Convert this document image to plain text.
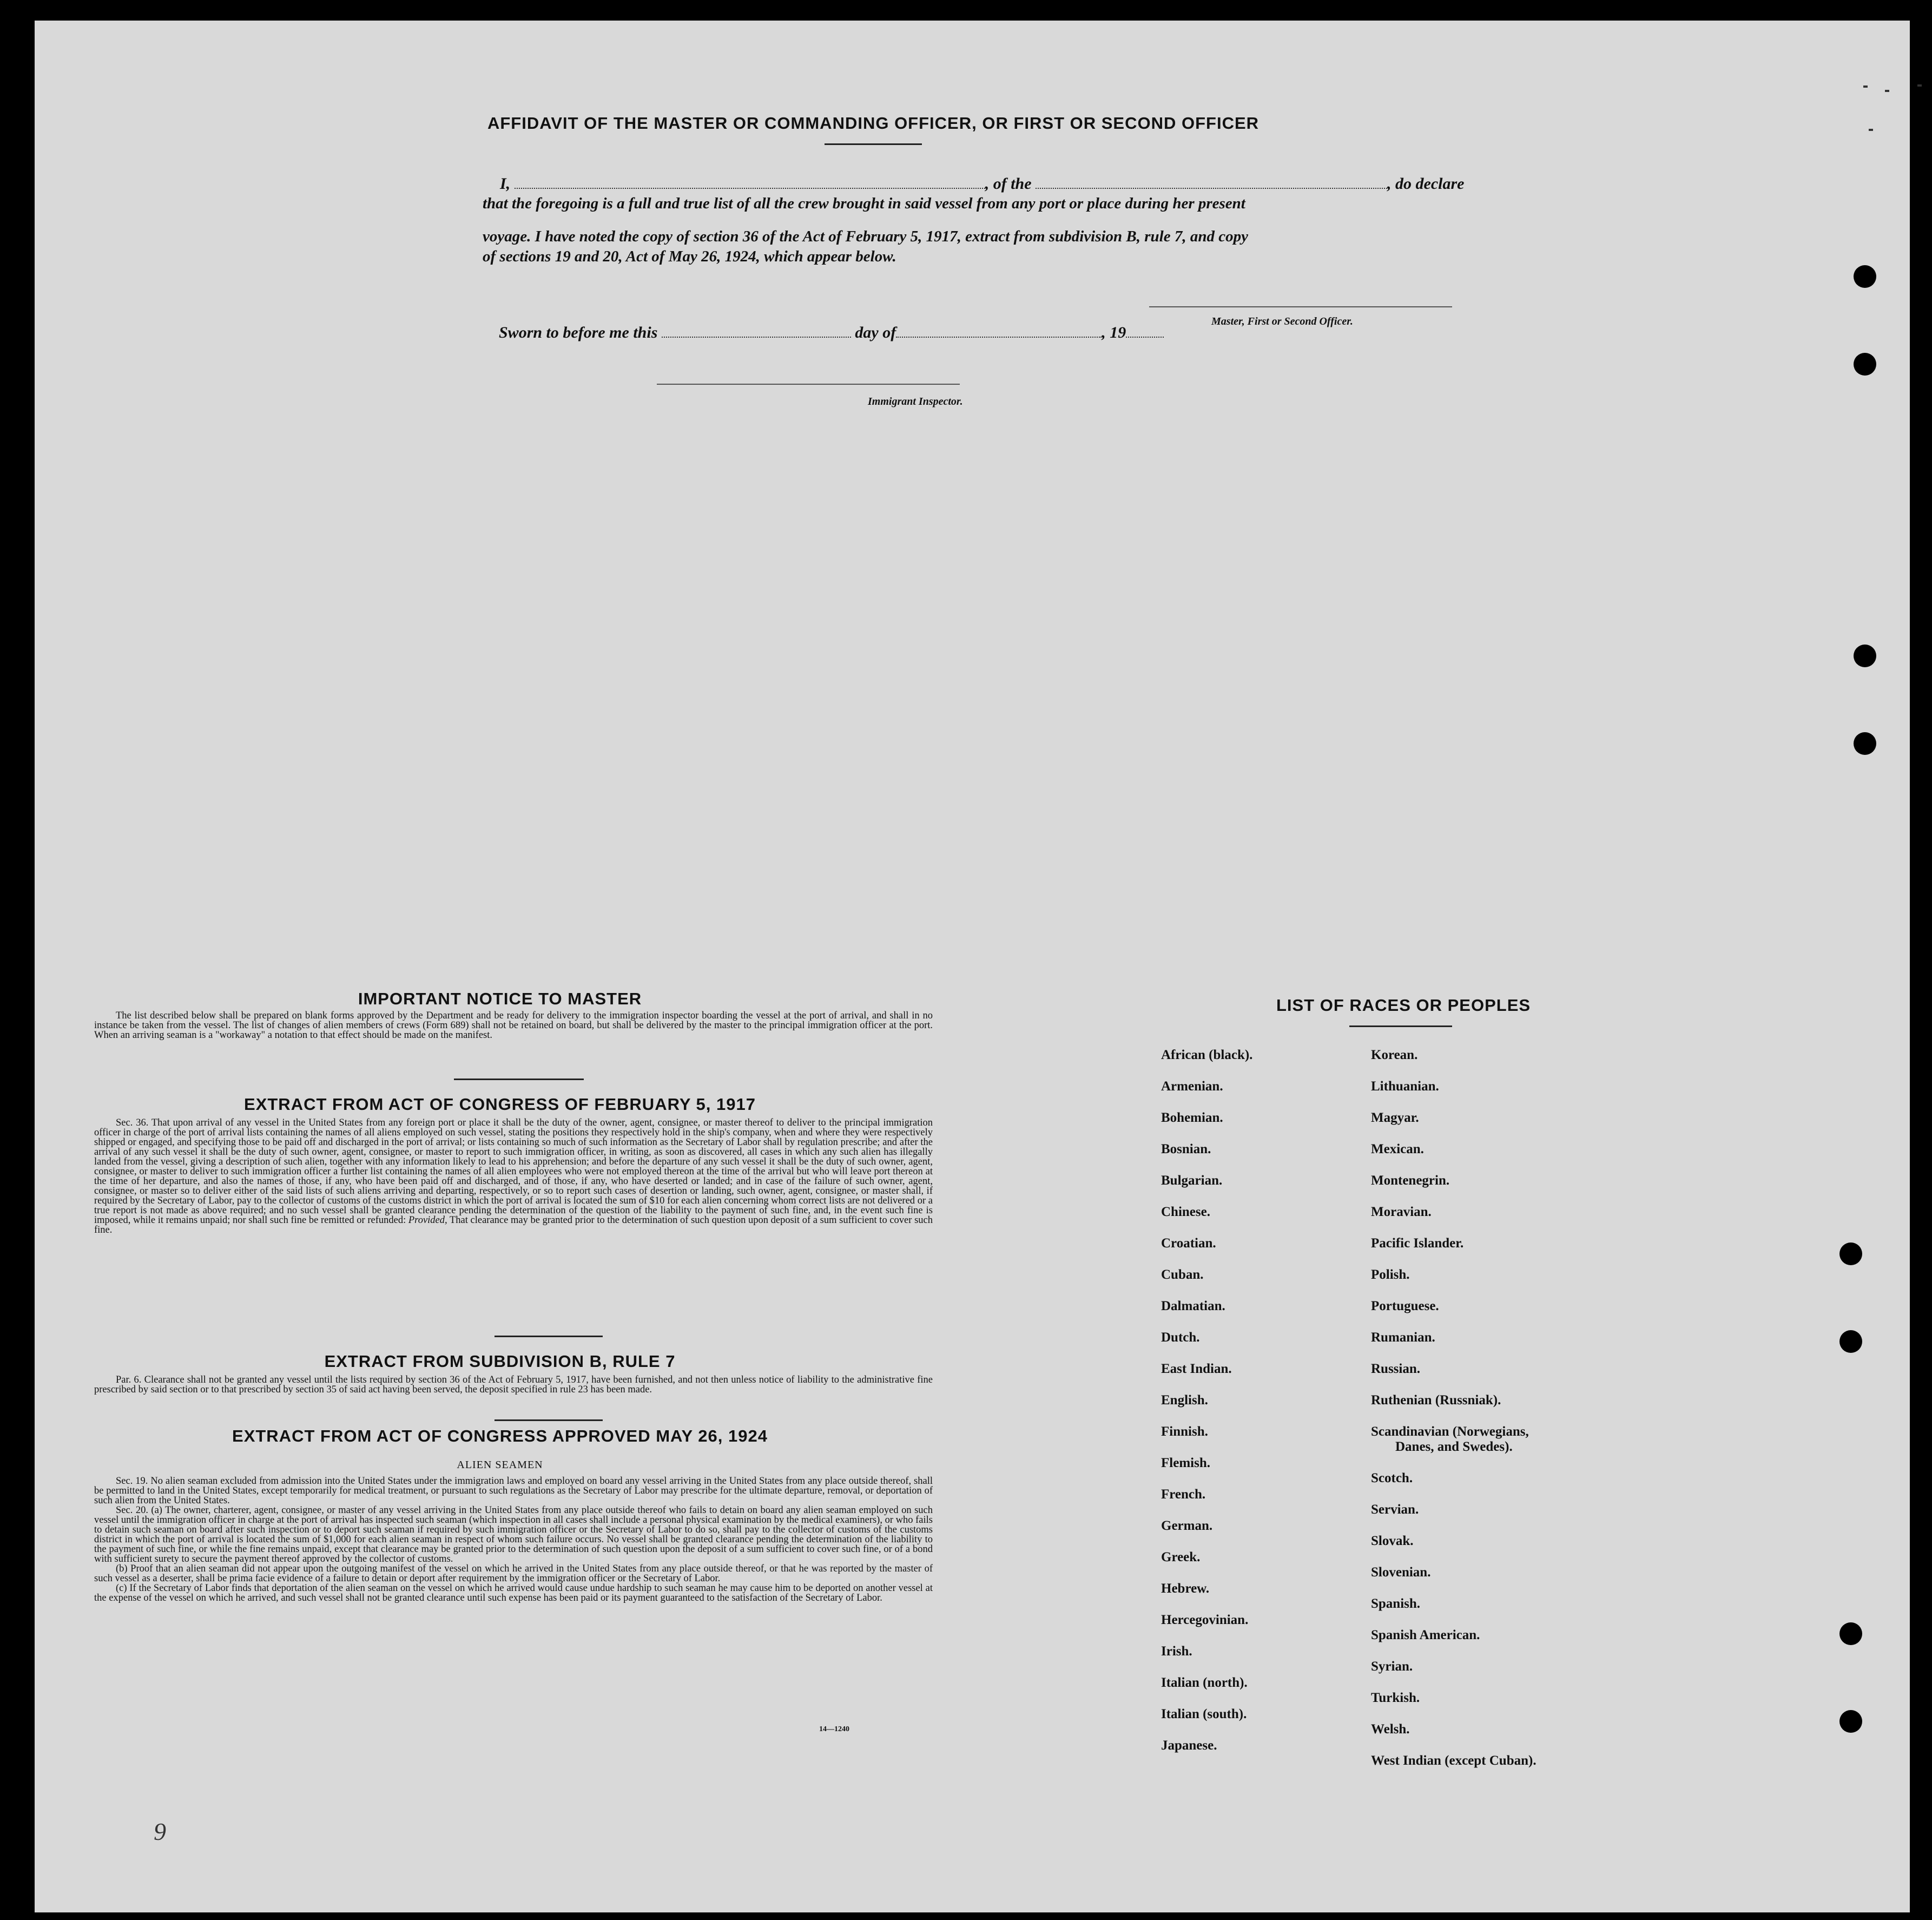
AFFIDAVIT OF THE MASTER OR COMMANDING OFFICER, OR FIRST OR SECOND OFFICER
I,	, of the	, do declare
that the foregoing is a full and true list of all the crew brought in said vessel from any port or place during her present
voyage. I have noted the copy of section 36 of the Act of February 5, 1917, extract from subdivision B, rule 7, and copy
of sections 19 and 20, Act of May 26, 1924, which appear below.
Master, First or Second Officer.
Sworn to before me this	day of	, 19
Immigrant Inspector.
IMPORTANT NOTICE TO MASTER
The list described below shall be prepared on blank forms approved by the Department and be ready for delivery to the immigration inspector boarding the vessel at the port of arrival, and shall in no instance be taken from the vessel. The list of changes of alien members of crews (Form 689) shall not be retained on board, but shall be delivered by the master to the principal immigration officer at the port. When an arriving seaman is a "workaway" a notation to that effect should be made on the manifest.
EXTRACT FROM ACT OF CONGRESS OF FEBRUARY 5, 1917
Sec. 36. That upon arrival of any vessel in the United States from any foreign port or place it shall be the duty of the owner, agent, consignee, or master thereof to deliver to the principal immigration officer in charge of the port of arrival lists containing the names of all aliens employed on such vessel, stating the positions they respectively hold in the ship's company, when and where they were respectively shipped or engaged, and specifying those to be paid off and discharged in the port of arrival; or lists containing so much of such information as the Secretary of Labor shall by regulation prescribe; and after the arrival of any such vessel it shall be the duty of such owner, agent, consignee, or master to report to such immigration officer, in writing, as soon as discovered, all cases in which any such alien has illegally landed from the vessel, giving a description of such alien, together with any information likely to lead to his apprehension; and before the departure of any such vessel it shall be the duty of such owner, agent, consignee, or master to deliver to such immigration officer a further list containing the names of all alien employees who were not employed thereon at the time of the arrival but who will leave port thereon at the time of her departure, and also the names of those, if any, who have been paid off and discharged, and of those, if any, who have deserted or landed; and in case of the failure of such owner, agent, consignee, or master so to deliver either of the said lists of such aliens arriving and departing, respectively, or so to report such cases of desertion or landing, such owner, agent, consignee, or master shall, if required by the Secretary of Labor, pay to the collector of customs of the customs district in which the port of arrival is located the sum of $10 for each alien concerning whom correct lists are not delivered or a true report is not made as above required; and no such vessel shall be granted clearance pending the determination of the question of the liability to the payment of such fine, and, in the event such fine is imposed, while it remains unpaid; nor shall such fine be remitted or refunded: Provided, That clearance may be granted prior to the determination of such question upon deposit of a sum sufficient to cover such fine.
EXTRACT FROM SUBDIVISION B, RULE 7
Par. 6. Clearance shall not be granted any vessel until the lists required by section 36 of the Act of February 5, 1917, have been furnished, and not then unless notice of liability to the administrative fine prescribed by said section or to that prescribed by section 35 of said act having been served, the deposit specified in rule 23 has been made.
EXTRACT FROM ACT OF CONGRESS APPROVED MAY 26, 1924
ALIEN SEAMEN
Sec. 19. No alien seaman excluded from admission into the United States under the immigration laws and employed on board any vessel arriving in the United States from any place outside thereof, shall be permitted to land in the United States, except temporarily for medical treatment, or pursuant to such regulations as the Secretary of Labor may prescribe for the ultimate departure, removal, or deportation of such alien from the United States.
Sec. 20. (a) The owner, charterer, agent, consignee, or master of any vessel arriving in the United States from any place outside thereof who fails to detain on board any alien seaman employed on such vessel until the immigration officer in charge at the port of arrival has inspected such seaman (which inspection in all cases shall include a personal physical examination by the medical examiners), or who fails to detain such seaman on board after such inspection or to deport such seaman if required by such immigration officer or the Secretary of Labor to do so, shall pay to the collector of customs of the customs district in which the port of arrival is located the sum of $1,000 for each alien seaman in respect of whom such failure occurs. No vessel shall be granted clearance pending the determination of the liability to the payment of such fine, or while the fine remains unpaid, except that clearance may be granted prior to the determination of such question upon the deposit of a sum sufficient to cover such fine, or of a bond with sufficient surety to secure the payment thereof approved by the collector of customs.
(b) Proof that an alien seaman did not appear upon the outgoing manifest of the vessel on which he arrived in the United States from any place outside thereof, or that he was reported by the master of such vessel as a deserter, shall be prima facie evidence of a failure to detain or deport after requirement by the immigration officer or the Secretary of Labor.
(c) If the Secretary of Labor finds that deportation of the alien seaman on the vessel on which he arrived would cause undue hardship to such seaman he may cause him to be deported on another vessel at the expense of the vessel on which he arrived, and such vessel shall not be granted clearance until such expense has been paid or its payment guaranteed to the satisfaction of the Secretary of Labor.
14—1240
9
LIST OF RACES OR PEOPLES
African (black).
Armenian.
Bohemian.
Bosnian.
Bulgarian.
Chinese.
Croatian.
Cuban.
Dalmatian.
Dutch.
East Indian.
English.
Finnish.
Flemish.
French.
German.
Greek.
Hebrew.
Hercegovinian.
Irish.
Italian (north).
Italian (south).
Japanese.
Korean.
Lithuanian.
Magyar.
Mexican.
Montenegrin.
Moravian.
Pacific Islander.
Polish.
Portuguese.
Rumanian.
Russian.
Ruthenian (Russniak).
Scandinavian (Norwegians,
Danes, and Swedes).
Scotch.
Servian.
Slovak.
Slovenian.
Spanish.
Spanish American.
Syrian.
Turkish.
Welsh.
West Indian (except Cuban).
